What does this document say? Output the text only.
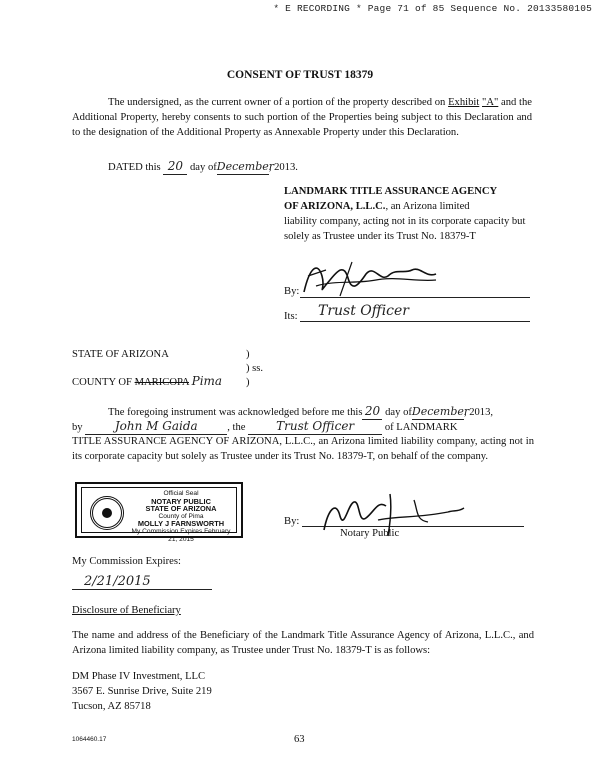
* E RECORDING * Page 71 of 85 Sequence No. 20133580105
CONSENT OF TRUST 18379
The undersigned, as the current owner of a portion of the property described on Exhibit "A" and the Additional Property, hereby consents to such portion of the Properties being subject to this Declaration and to the designation of the Additional Property as Annexable Property under this Declaration.
DATED this 20 day ofDecember, 2013.
LANDMARK TITLE ASSURANCE AGENCY
OF ARIZONA, L.L.C., an Arizona limited
liability company, acting not in its corporate capacity but solely as Trustee under its Trust No. 18379-T
By:
Its: Trust Officer
STATE OF ARIZONA	)
) ss.
)
COUNTY OF MARICOPA Pima
The foregoing instrument was acknowledged before me this 20 day ofDecember, 2013,
by	John M Gaida	, the	Trust Officer	of LANDMARK
TITLE ASSURANCE AGENCY OF ARIZONA, L.L.C., an Arizona limited liability company, acting not in its corporate capacity but solely as Trustee under its Trust No. 18379-T, on behalf of the company.
Official Seal
NOTARY PUBLIC
STATE OF ARIZONA
County of Pima
MOLLY J FARNSWORTH
My Commission Expires February 21, 2015
By:
Notary Public
My Commission Expires:
2/21/2015
Disclosure of Beneficiary
The name and address of the Beneficiary of the Landmark Title Assurance Agency of Arizona, L.L.C., and Arizona limited liability company, as Trustee under Trust No. 18379-T is as follows:
DM Phase IV Investment, LLC
3567 E. Sunrise Drive, Suite 219
Tucson, AZ 85718
1064460.17	63
